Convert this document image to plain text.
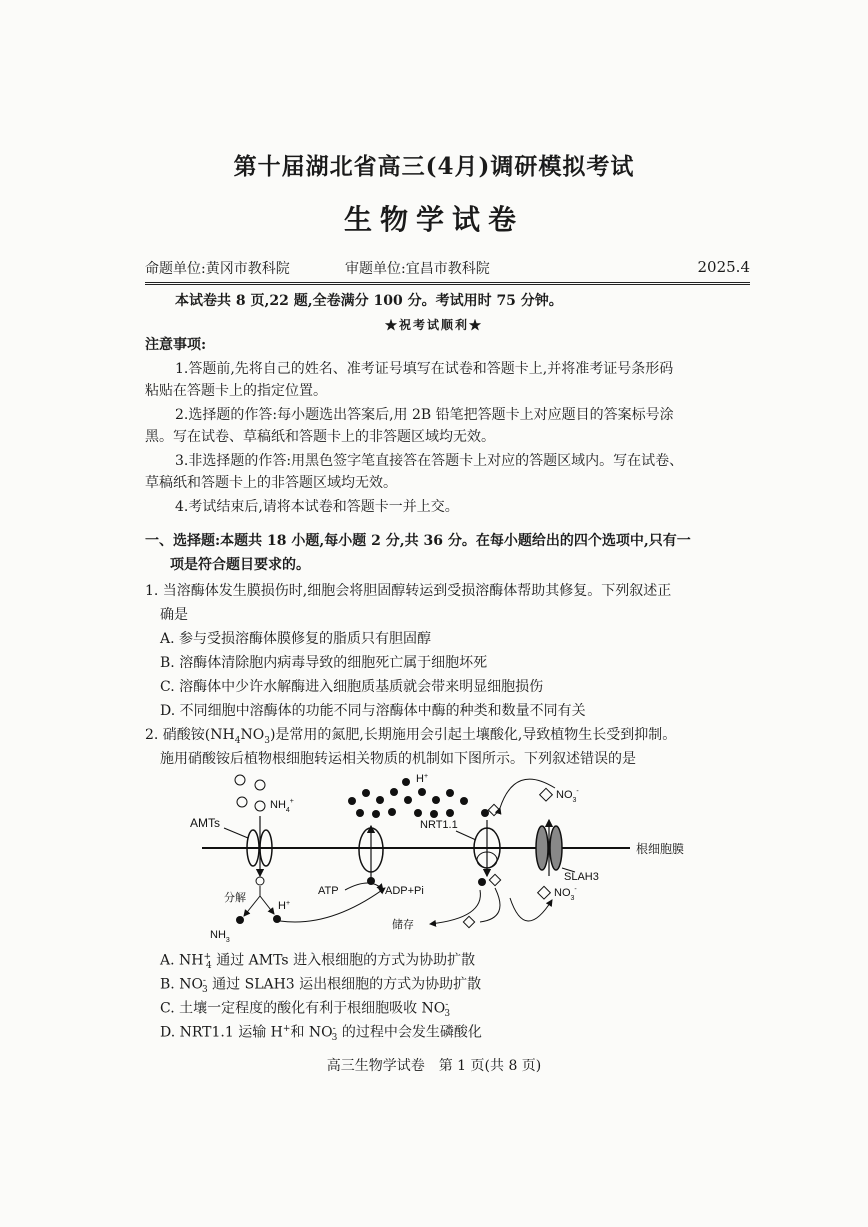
第十届湖北省高三(4月)调研模拟考试
生物学试卷
命题单位:黄冈市教科院	审题单位:宜昌市教科院	2025.4
本试卷共 8 页,22 题,全卷满分 100 分。考试用时 75 分钟。
★祝考试顺利★
注意事项:
1.答题前,先将自己的姓名、准考证号填写在试卷和答题卡上,并将准考证号条形码
粘贴在答题卡上的指定位置。
2.选择题的作答:每小题选出答案后,用 2B 铅笔把答题卡上对应题目的答案标号涂
黑。写在试卷、草稿纸和答题卡上的非答题区域均无效。
3.非选择题的作答:用黑色签字笔直接答在答题卡上对应的答题区域内。写在试卷、
草稿纸和答题卡上的非答题区域均无效。
4.考试结束后,请将本试卷和答题卡一并上交。
一、选择题:本题共 18 小题,每小题 2 分,共 36 分。在每小题给出的四个选项中,只有一
项是符合题目要求的。
1. 当溶酶体发生膜损伤时,细胞会将胆固醇转运到受损溶酶体帮助其修复。下列叙述正
确是
A. 参与受损溶酶体膜修复的脂质只有胆固醇
B. 溶酶体清除胞内病毒导致的细胞死亡属于细胞坏死
C. 溶酶体中少许水解酶进入细胞质基质就会带来明显细胞损伤
D. 不同细胞中溶酶体的功能不同与溶酶体中酶的种类和数量不同有关
2. 硝酸铵$(NH_4NO_3)$是常用的氮肥,长期施用会引起土壤酸化,导致植物生长受到抑制。
施用硝酸铵后植物根细胞转运相关物质的机制如下图所示。下列叙述错误的是
根细胞膜
$NH_4^+$
AMTs
分解
$NH_3$
H+
H+
ATP	ADP+Pi
NRT1.1
$NO_3^-$
SLAH3
$NO_3^-$
储存
A. $NH^+_4$ 通过 AMTs 进入根细胞的方式为协助扩散
B. $NO^-_3$ 通过 SLAH3 运出根细胞的方式为协助扩散
C. 土壤一定程度的酸化有利于根细胞吸收 $NO^-_3$
D. NRT1.1 运输 H+和 $NO^-_3$ 的过程中会发生磷酸化
高三生物学试卷　第 1 页(共 8 页)
